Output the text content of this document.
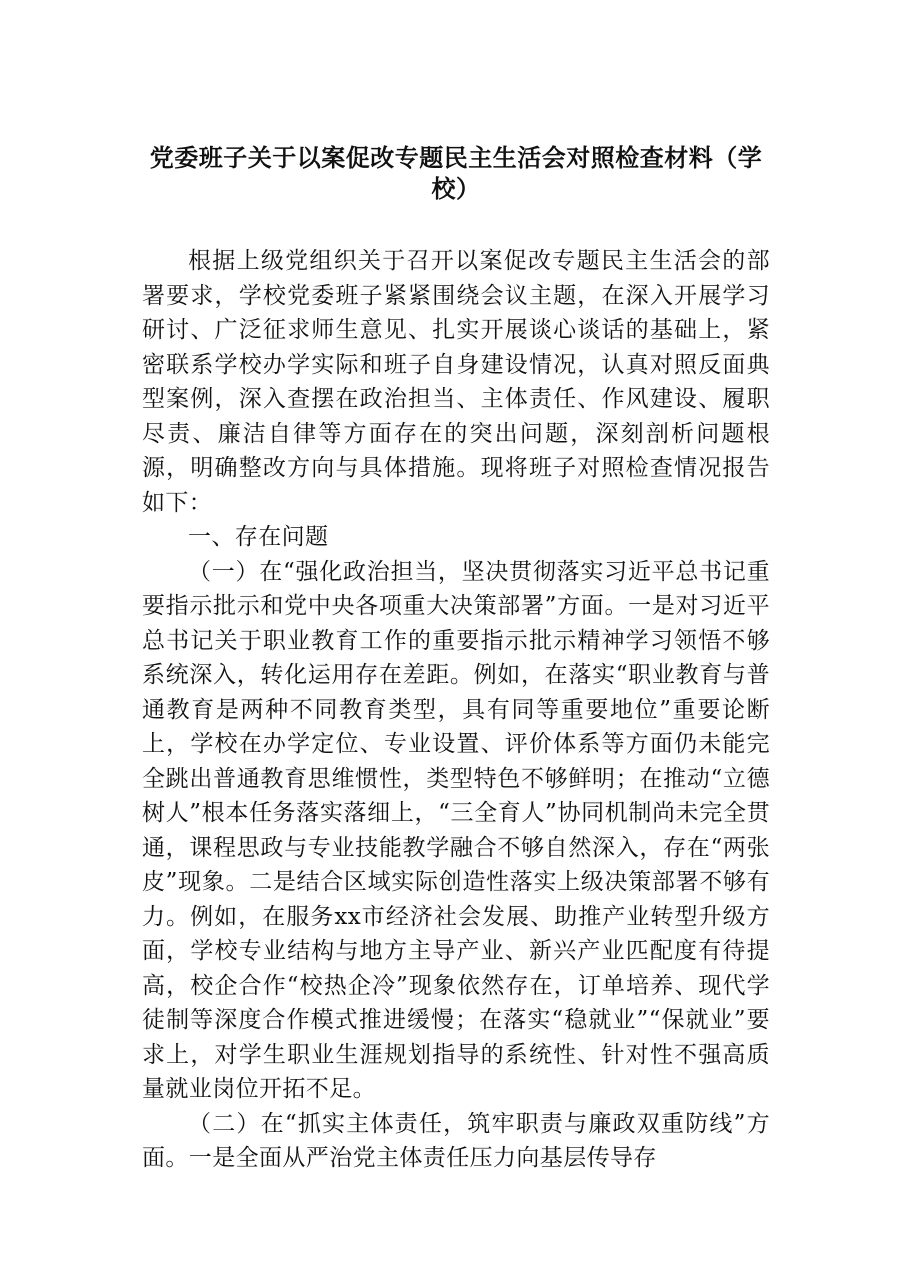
党委班子关于以案促改专题民主生活会对照检查材料（学校）

根据上级党组织关于召开以案促改专题民主生活会的部署要求，学校党委班子紧紧围绕会议主题，在深入开展学习研讨、广泛征求师生意见、扎实开展谈心谈话的基础上，紧密联系学校办学实际和班子自身建设情况，认真对照反面典型案例，深入查摆在政治担当、主体责任、作风建设、履职尽责、廉洁自律等方面存在的突出问题，深刻剖析问题根源，明确整改方向与具体措施。现将班子对照检查情况报告如下：

一、存在问题

（一）在“强化政治担当，坚决贯彻落实习近平总书记重要指示批示和党中央各项重大决策部署”方面。一是对习近平总书记关于职业教育工作的重要指示批示精神学习领悟不够系统深入，转化运用存在差距。例如，在落实“职业教育与普通教育是两种不同教育类型，具有同等重要地位”重要论断上，学校在办学定位、专业设置、评价体系等方面仍未能完全跳出普通教育思维惯性，类型特色不够鲜明；在推动“立德树人”根本任务落实落细上，“三全育人”协同机制尚未完全贯通，课程思政与专业技能教学融合不够自然深入，存在“两张皮”现象。二是结合区域实际创造性落实上级决策部署不够有力。例如，在服务xx市经济社会发展、助推产业转型升级方面，学校专业结构与地方主导产业、新兴产业匹配度有待提高，校企合作“校热企冷”现象依然存在，订单培养、现代学徒制等深度合作模式推进缓慢；在落实“稳就业”“保就业”要求上，对学生职业生涯规划指导的系统性、针对性不强高质量就业岗位开拓不足。

（二）在“抓实主体责任，筑牢职责与廉政双重防线”方面。一是全面从严治党主体责任压力向基层传导存
